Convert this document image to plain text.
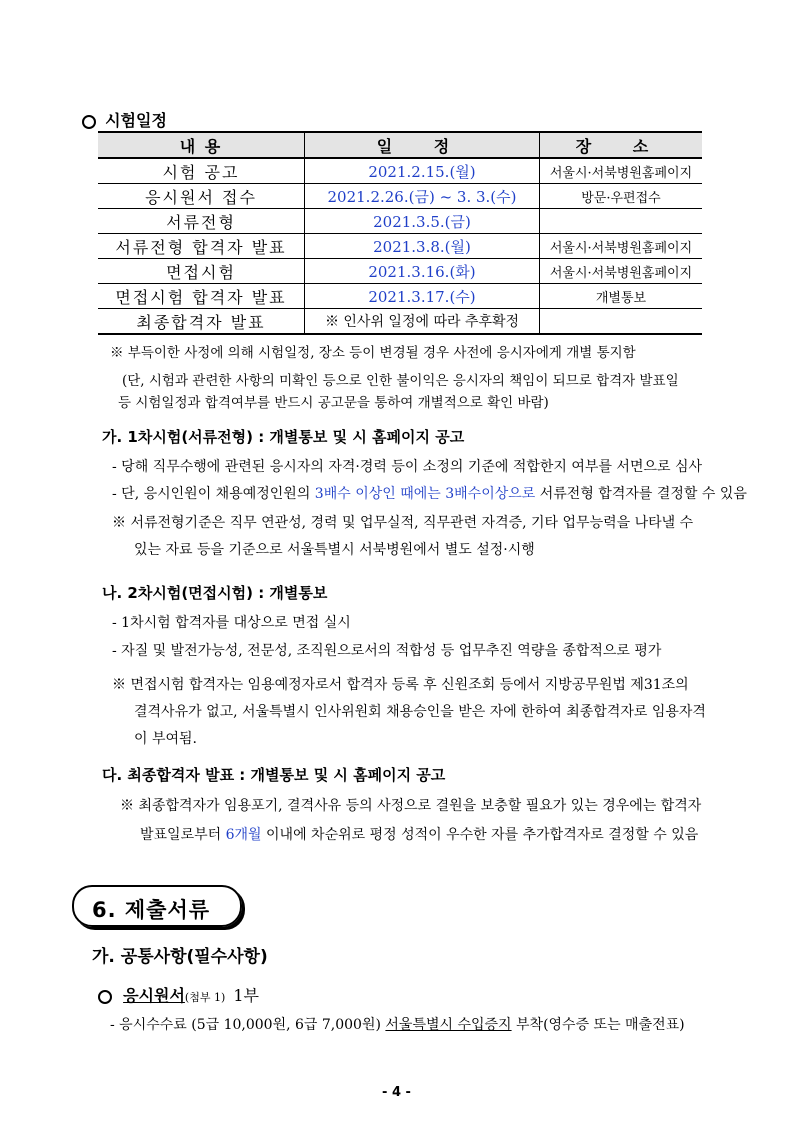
시험일정
내 용	일 정	장 소
시험 공고	2021.2.15.(월)	서울시·서북병원홈페이지
응시원서 접수	2021.2.26.(금) ~ 3. 3.(수)	방문·우편접수
서류전형	2021.3.5.(금)	
서류전형 합격자 발표	2021.3.8.(월)	서울시·서북병원홈페이지
면접시험	2021.3.16.(화)	서울시·서북병원홈페이지
면접시험 합격자 발표	2021.3.17.(수)	개별통보
최종합격자 발표	※ 인사위 일정에 따라 추후확정	
※ 부득이한 사정에 의해 시험일정, 장소 등이 변경될 경우 사전에 응시자에게 개별 통지함
(단, 시험과 관련한 사항의 미확인 등으로 인한 불이익은 응시자의 책임이 되므로 합격자 발표일
등 시험일정과 합격여부를 반드시 공고문을 통하여 개별적으로 확인 바람)
가. 1차시험(서류전형) : 개별통보 및 시 홈페이지 공고
- 당해 직무수행에 관련된 응시자의 자격·경력 등이 소정의 기준에 적합한지 여부를 서면으로 심사
- 단, 응시인원이 채용예정인원의 3배수 이상인 때에는 3배수이상으로 서류전형 합격자를 결정할 수 있음
※ 서류전형기준은 직무 연관성, 경력 및 업무실적, 직무관련 자격증, 기타 업무능력을 나타낼 수
있는 자료 등을 기준으로 서울특별시 서북병원에서 별도 설정·시행
나. 2차시험(면접시험) : 개별통보
- 1차시험 합격자를 대상으로 면접 실시
- 자질 및 발전가능성, 전문성, 조직원으로서의 적합성 등 업무추진 역량을 종합적으로 평가
※ 면접시험 합격자는 임용예정자로서 합격자 등록 후 신원조회 등에서 지방공무원법 제31조의
결격사유가 없고, 서울특별시 인사위원회 채용승인을 받은 자에 한하여 최종합격자로 임용자격
이 부여됨.
다. 최종합격자 발표 : 개별통보 및 시 홈페이지 공고
※ 최종합격자가 임용포기, 결격사유 등의 사정으로 결원을 보충할 필요가 있는 경우에는 합격자
발표일로부터 6개월 이내에 차순위로 평정 성적이 우수한 자를 추가합격자로 결정할 수 있음
6. 제출서류
가. 공통사항(필수사항)
응시원서(첨부 1) 1부
- 응시수수료 (5급 10,000원, 6급 7,000원) 서울특별시 수입증지 부착(영수증 또는 매출전표)
- 4 -
